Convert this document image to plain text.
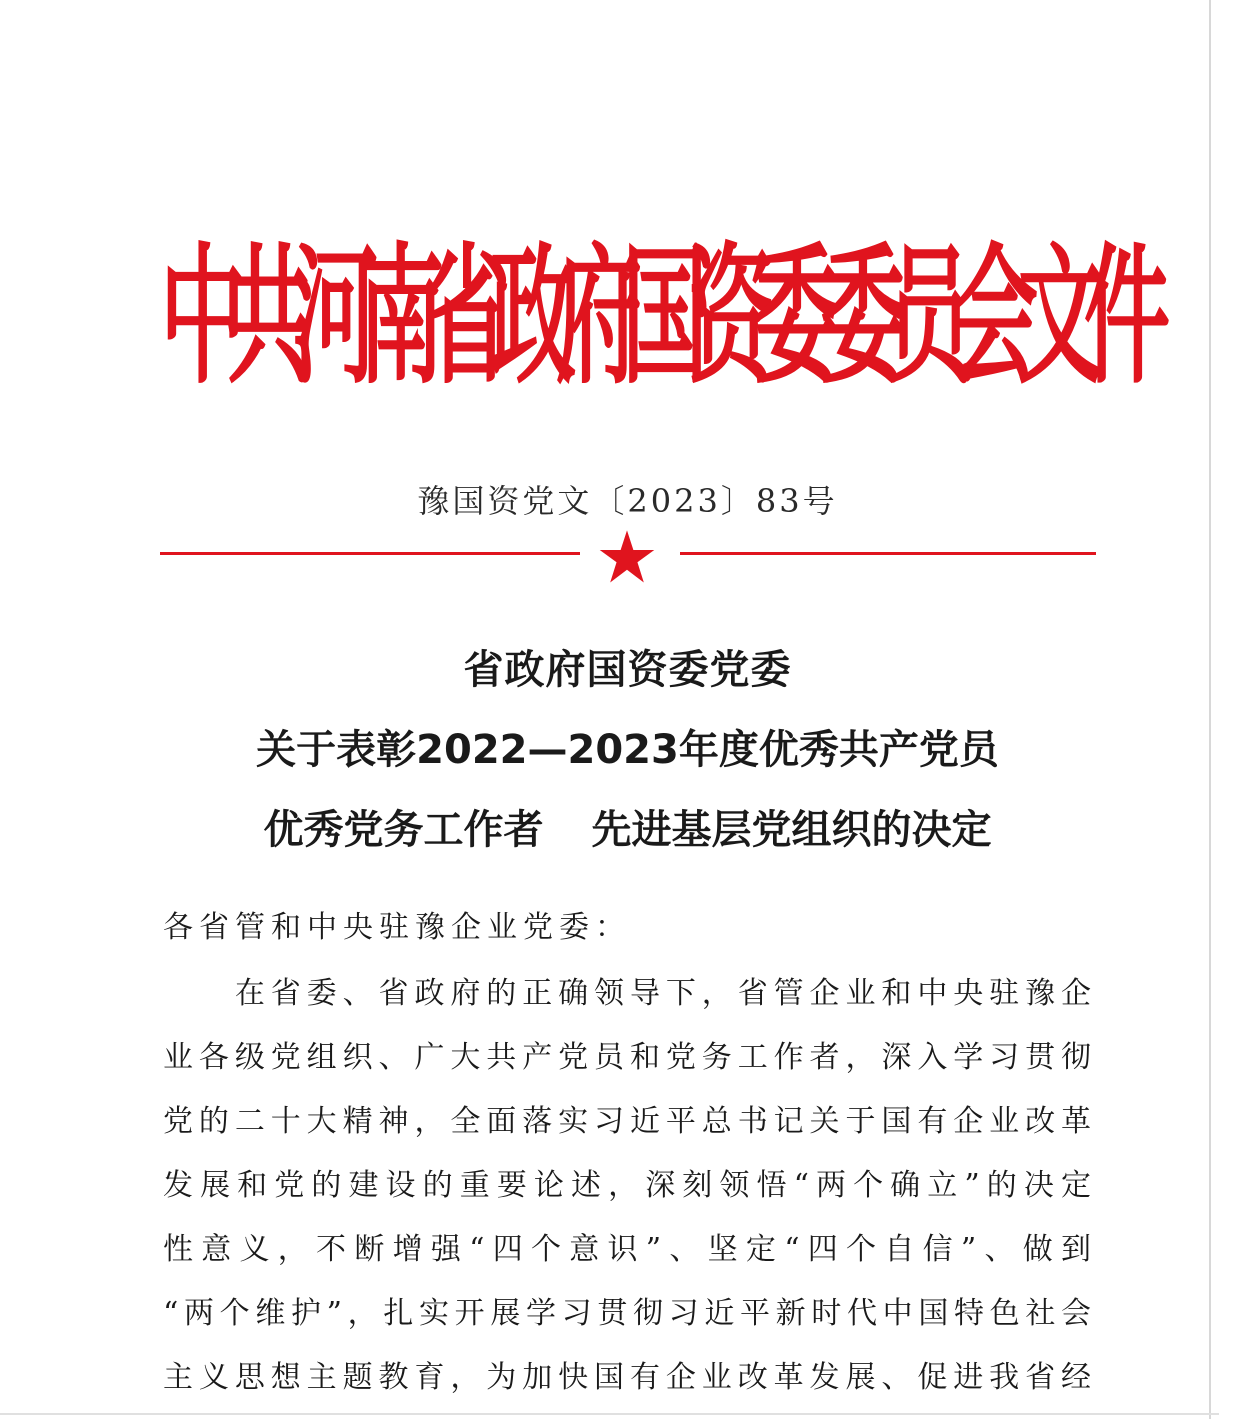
中
共
河
南
省
政
府
国
资
委
委
员
会
文
件
豫国资党文〔2023〕83号
省政府国资委党委
关于表彰2022—2023年度优秀共产党员
优秀党务工作者 先进基层党组织的决定
各省管和中央驻豫企业党委：
　　在省委、省政府的正确领导下，省管企业和中央驻豫企
业各级党组织、广大共产党员和党务工作者，深入学习贯彻
党的二十大精神，全面落实习近平总书记关于国有企业改革
发展和党的建设的重要论述，深刻领悟“两个确立”的决定
性意义，不断增强“四个意识”、坚定“四个自信”、做到
“两个维护”，扎实开展学习贯彻习近平新时代中国特色社会
主义思想主题教育，为加快国有企业改革发展、促进我省经
